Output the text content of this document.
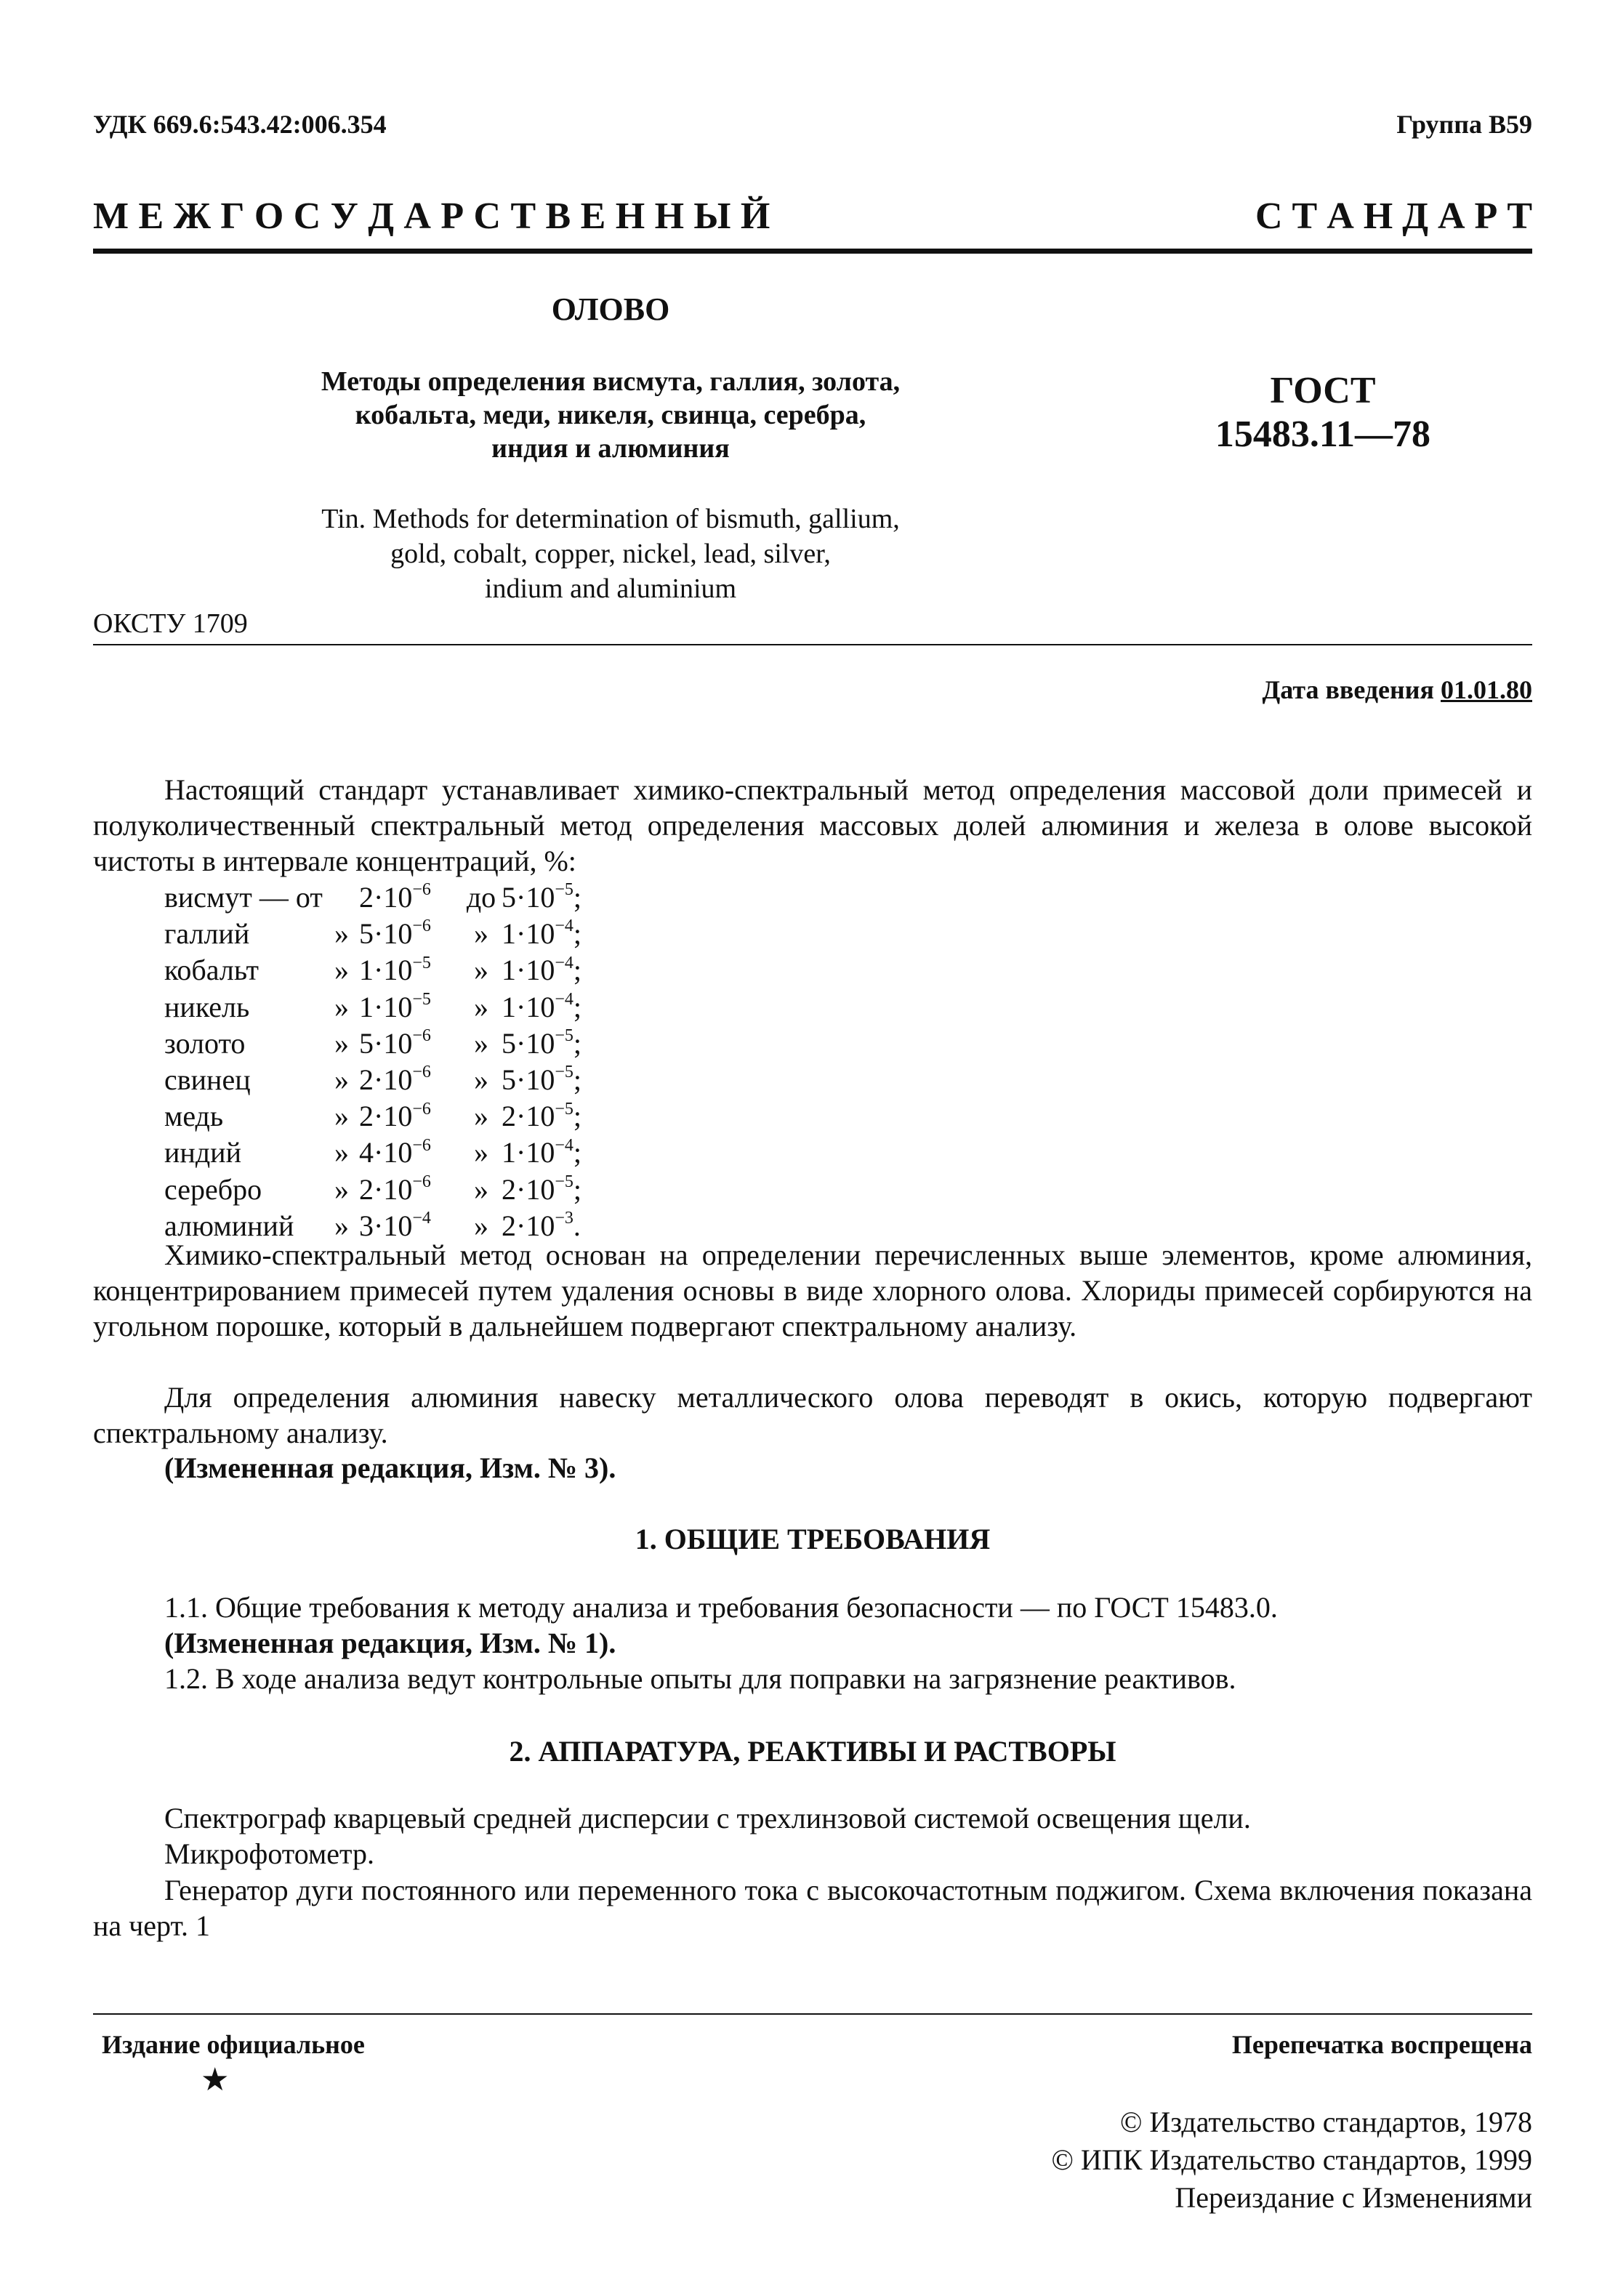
УДК 669.6:543.42:006.354	Группа В59
М Е Ж Г О С У Д А Р С Т В Е Н Н Ы Й	С Т А Н Д А Р Т
ОЛОВО
Методы определения висмута, галлия, золота,
кобальта, меди, никеля, свинца, серебра,
индия и алюминия
ГОСТ
15483.11—78
Tin. Methods for determination of bismuth, gallium,
gold, cobalt, copper, nickel, lead, silver,
indium and aluminium
ОКСТУ 1709
Дата введения 01.01.80
Настоящий стандарт устанавливает химико-спектральный метод определения массовой доли примесей и полуколичественный спектральный метод определения массовых долей алюминия и железа в олове высокой чистоты в интервале концентраций, %:
висмут — от		$2\cdot 10^{-6}$	до	$5\cdot 10^{-5}$;
галлий	»	$5\cdot 10^{-6}$	»	$1\cdot 10^{-4}$;
кобальт	»	$1\cdot 10^{-5}$	»	$1\cdot 10^{-4}$;
никель	»	$1\cdot 10^{-5}$	»	$1\cdot 10^{-4}$;
золото	»	$5\cdot 10^{-6}$	»	$5\cdot 10^{-5}$;
свинец	»	$2\cdot 10^{-6}$	»	$5\cdot 10^{-5}$;
медь	»	$2\cdot 10^{-6}$	»	$2\cdot 10^{-5}$;
индий	»	$4\cdot 10^{-6}$	»	$1\cdot 10^{-4}$;
серебро	»	$2\cdot 10^{-6}$	»	$2\cdot 10^{-5}$;
алюминий	»	$3\cdot 10^{-4}$	»	$2\cdot 10^{-3}$.
Химико-спектральный метод основан на определении перечисленных выше элементов, кроме алюминия, концентрированием примесей путем удаления основы в виде хлорного олова. Хлориды примесей сорбируются на угольном порошке, который в дальнейшем подвергают спектральному анализу.
Для определения алюминия навеску металлического олова переводят в окись, которую подвергают спектральному анализу.
(Измененная редакция, Изм. № 3).
1. ОБЩИЕ ТРЕБОВАНИЯ
1.1. Общие требования к методу анализа и требования безопасности — по ГОСТ 15483.0.
(Измененная редакция, Изм. № 1).
1.2. В ходе анализа ведут контрольные опыты для поправки на загрязнение реактивов.
2. АППАРАТУРА, РЕАКТИВЫ И РАСТВОРЫ
Спектрограф кварцевый средней дисперсии с трехлинзовой системой освещения щели.
Микрофотометр.
Генератор дуги постоянного или переменного тока с высокочастотным поджигом. Схема включения показана на черт. 1
Издание официальное
★
Перепечатка воспрещена
© Издательство стандартов, 1978
© ИПК Издательство стандартов, 1999
Переиздание с Изменениями
